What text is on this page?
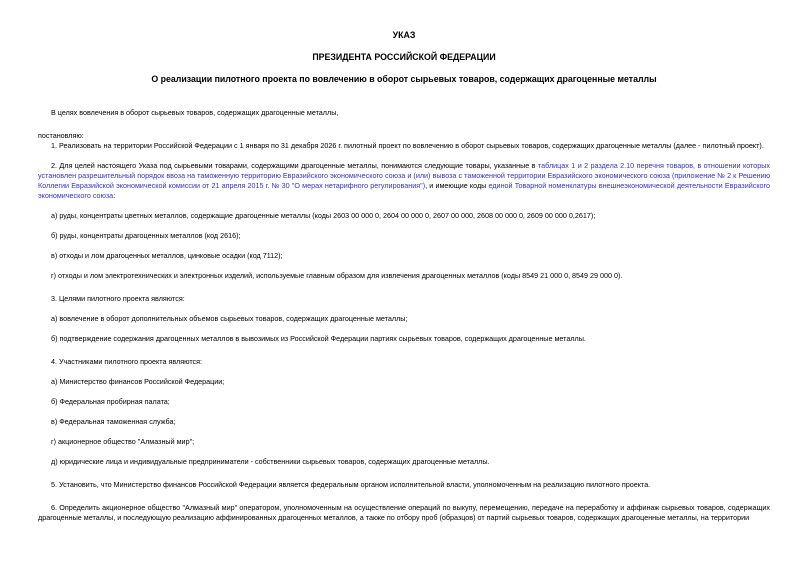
УКАЗ
ПРЕЗИДЕНТА РОССИЙСКОЙ ФЕДЕРАЦИИ
О реализации пилотного проекта по вовлечению в оборот сырьевых товаров, содержащих драгоценные металлы

В целях вовлечения в оборот сырьевых товаров, содержащих драгоценные металлы,

постановляю:

1. Реализовать на территории Российской Федерации с 1 января по 31 декабря 2026 г. пилотный проект по вовлечению в оборот сырьевых товаров, содержащих драгоценные металлы (далее - пилотный проект).

2. Для целей настоящего Указа под сырьевыми товарами, содержащими драгоценные металлы, понимаются следующие товары, указанные в таблицах 1 и 2 раздела 2.10 перечня товаров, в отношении которых установлен разрешительный порядок ввоза на таможенную территорию Евразийского экономического союза и (или) вывоза с таможенной территории Евразийского экономического союза (приложение № 2 к Решению Коллегии Евразийской экономической комиссии от 21 апреля 2015 г. № 30 "О мерах нетарифного регулирования"), и имеющие коды единой Товарной номенклатуры внешнеэкономической деятельности Евразийского экономического союза:

а) руды, концентраты цветных металлов, содержащие драгоценные металлы (коды 2603 00 000 0, 2604 00 000 0, 2607 00 000, 2608 00 000 0, 2609 00 000 0,2617);

б) руды, концентраты драгоценных металлов (код 2616);

в) отходы и лом драгоценных металлов, цинковые осадки (код 7112);

г) отходы и лом электротехнических и электронных изделий, используемые главным образом для извлечения драгоценных металлов (коды 8549 21 000 0, 8549 29 000 0).

3. Целями пилотного проекта являются:

а) вовлечение в оборот дополнительных объемов сырьевых товаров, содержащих драгоценные металлы;

б) подтверждение содержания драгоценных металлов в вывозимых из Российской Федерации партиях сырьевых товаров, содержащих драгоценные металлы.

4. Участниками пилотного проекта являются:

а) Министерство финансов Российской Федерации;

б) Федеральная пробирная палата;

в) Федеральная таможенная служба;

г) акционерное общество "Алмазный мир";

д) юридические лица и индивидуальные предприниматели - собственники сырьевых товаров, содержащих драгоценные металлы.

5. Установить, что Министерство финансов Российской Федерации является федеральным органом исполнительной власти, уполномоченным на реализацию пилотного проекта.

6. Определить акционерное общество "Алмазный мир" оператором, уполномоченным на осуществление операций по выкупу, перемещению, передаче на переработку и аффинаж сырьевых товаров, содержащих драгоценные металлы, и последующую реализацию аффинированных драгоценных металлов, а также по отбору проб (образцов) от партий сырьевых товаров, содержащих драгоценные металлы, на территории
